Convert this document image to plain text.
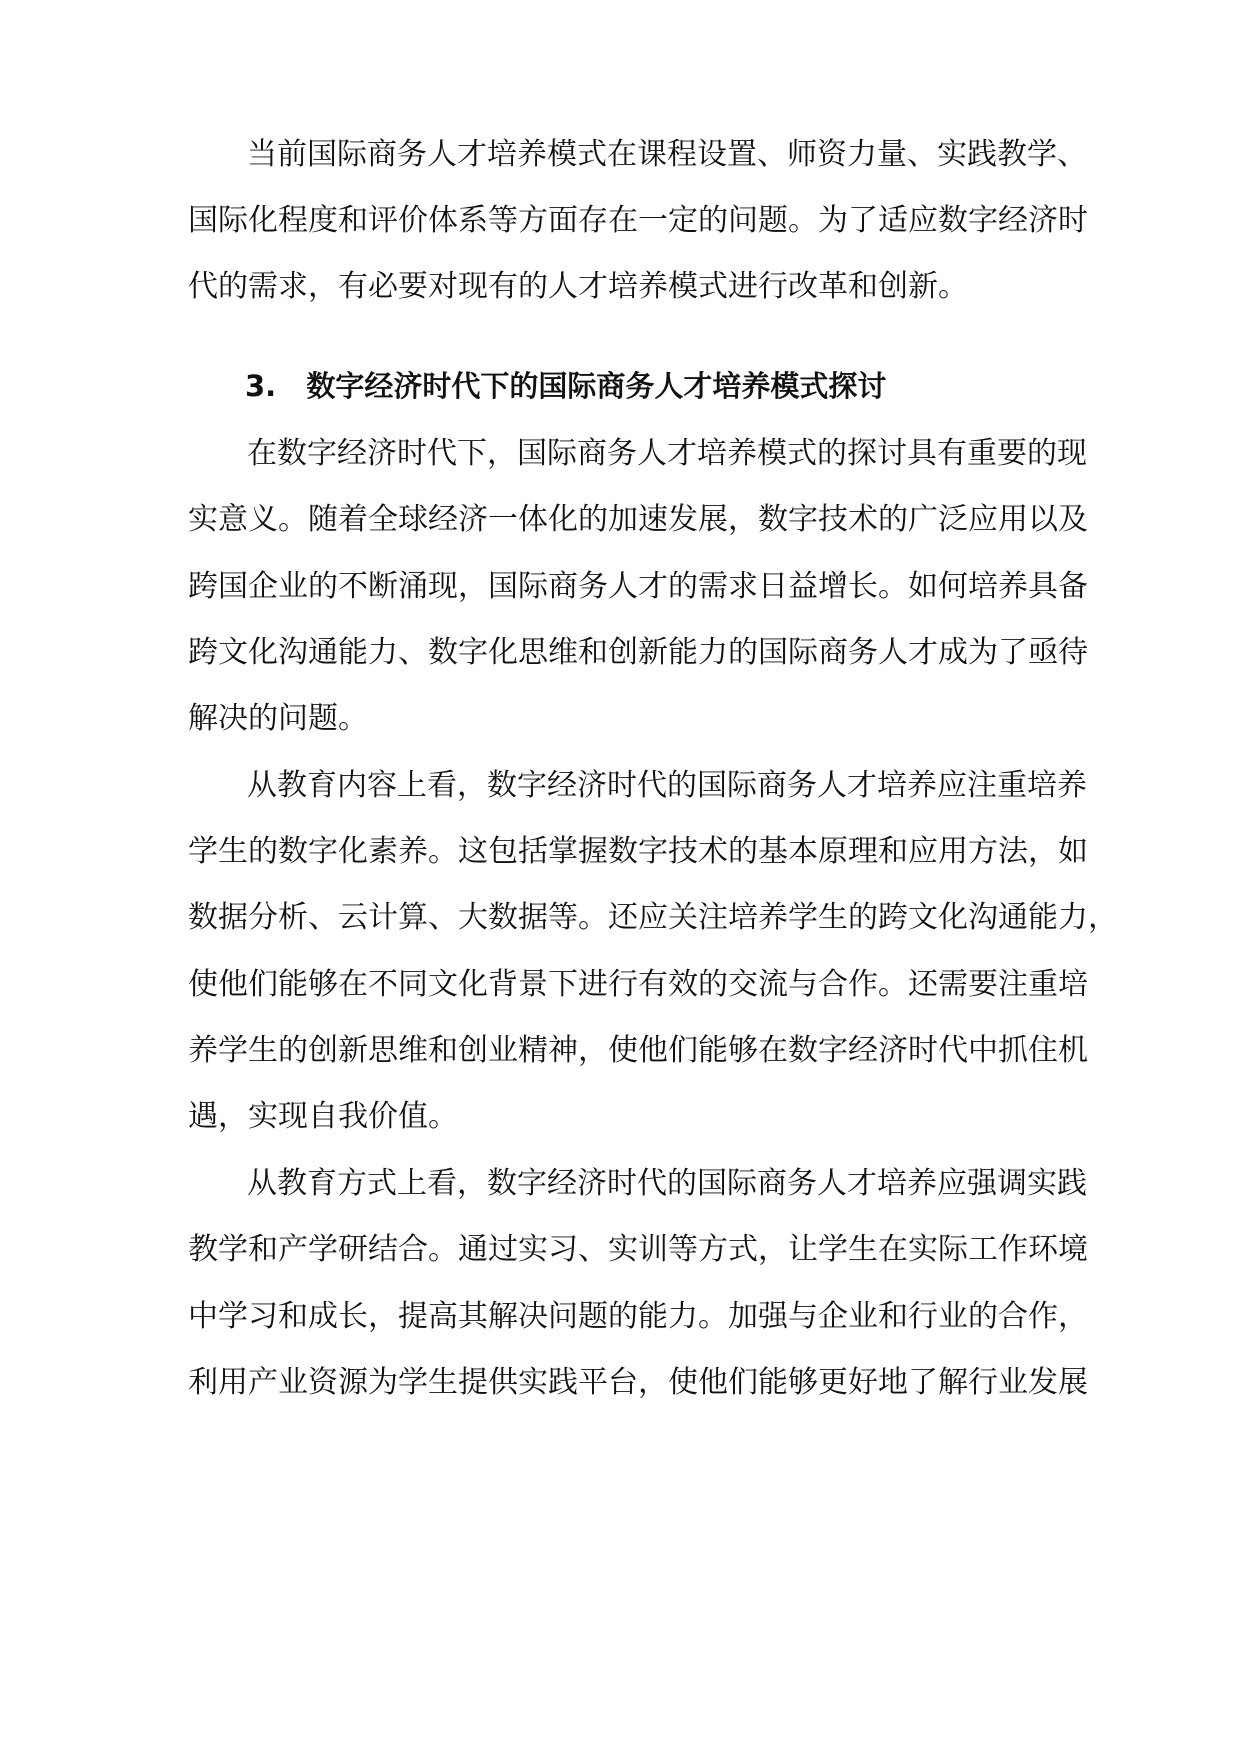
当前国际商务人才培养模式在课程设置、师资力量、实践教学、

国际化程度和评价体系等方面存在一定的问题。为了适应数字经济时

代的需求，有必要对现有的人才培养模式进行改革和创新。

3. 数字经济时代下的国际商务人才培养模式探讨

在数字经济时代下，国际商务人才培养模式的探讨具有重要的现

实意义。随着全球经济一体化的加速发展，数字技术的广泛应用以及

跨国企业的不断涌现，国际商务人才的需求日益增长。如何培养具备

跨文化沟通能力、数字化思维和创新能力的国际商务人才成为了亟待

解决的问题。

从教育内容上看，数字经济时代的国际商务人才培养应注重培养

学生的数字化素养。这包括掌握数字技术的基本原理和应用方法，如

数据分析、云计算、大数据等。还应关注培养学生的跨文化沟通能力，

使他们能够在不同文化背景下进行有效的交流与合作。还需要注重培

养学生的创新思维和创业精神，使他们能够在数字经济时代中抓住机

遇，实现自我价值。

从教育方式上看，数字经济时代的国际商务人才培养应强调实践

教学和产学研结合。通过实习、实训等方式，让学生在实际工作环境

中学习和成长，提高其解决问题的能力。加强与企业和行业的合作，

利用产业资源为学生提供实践平台，使他们能够更好地了解行业发展
